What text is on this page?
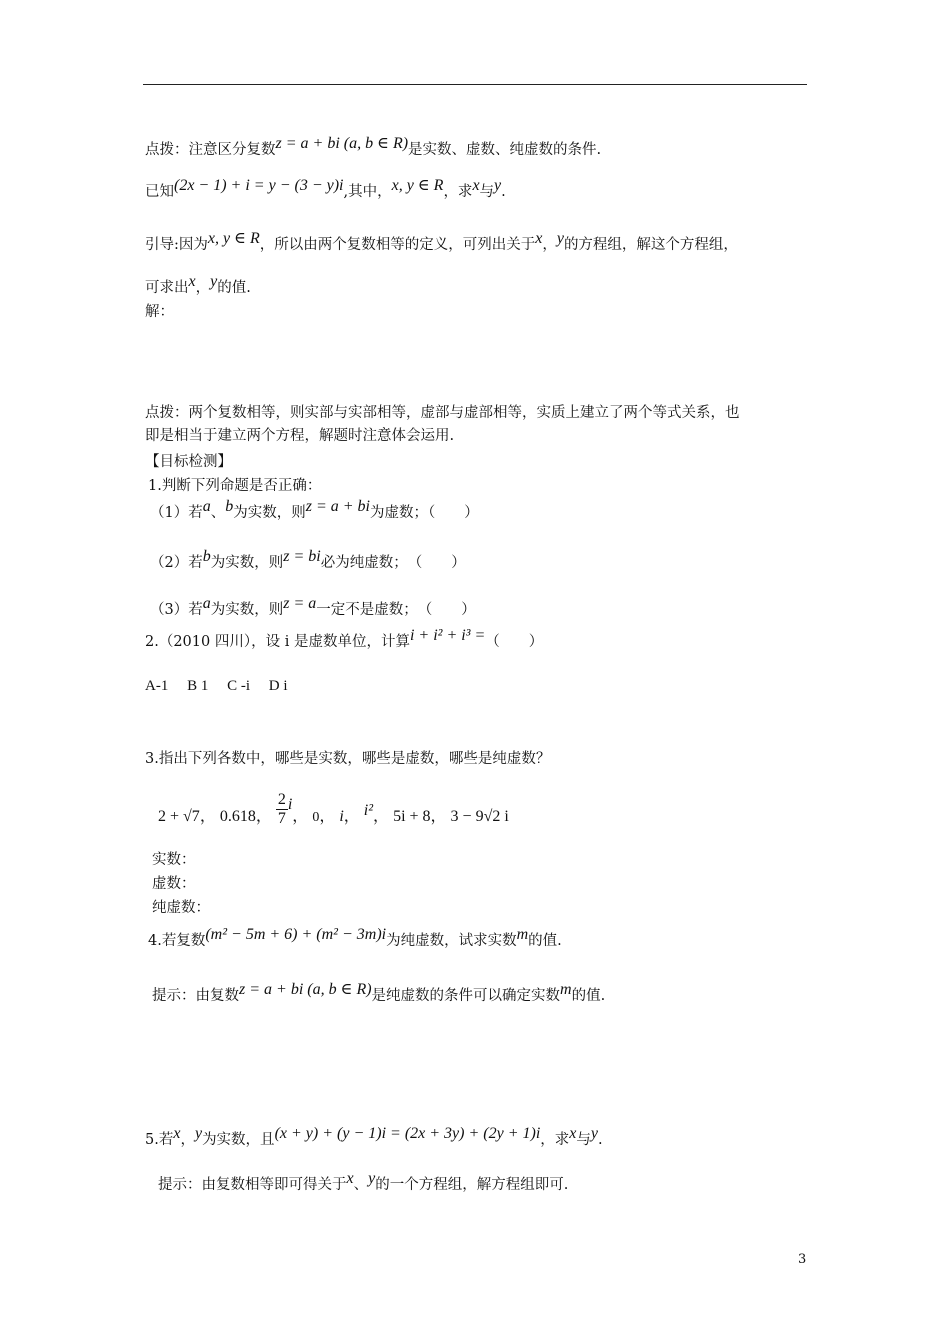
点拨：注意区分复数z = a + bi (a, b ∈ R)是实数、虚数、纯虚数的条件.
已知(2x − 1) + i = y − (3 − y)i,其中，x, y ∈ R，求x与y.
引导:因为x, y ∈ R，所以由两个复数相等的定义，可列出关于x，y的方程组，解这个方程组，
可求出x，y的值.
解：
点拨：两个复数相等，则实部与实部相等，虚部与虚部相等，实质上建立了两个等式关系，也
即是相当于建立两个方程，解题时注意体会运用.
【目标检测】
1.判断下列命题是否正确：
（1）若a、b为实数，则z = a + bi为虚数；（　　）
（2）若b为实数，则z = bi必为纯虚数；　（　　）
（3）若a为实数，则z = a一定不是虚数；　（　　）
2.（2010 四川），设 i 是虚数单位，计算i + i² + i³ =（　　）
A-1　 B 1　 C -i　 D i
3.指出下列各数中，哪些是实数，哪些是虚数，哪些是纯虚数？
2 + √7， 0.618， $\frac{2}{7}$ i， 0， i， i²， 5i + 8， 3 − 9√2 i
实数：
虚数：
纯虚数：
4.若复数(m² − 5m + 6) + (m² − 3m)i为纯虚数，试求实数m的值.
提示：由复数z = a + bi (a, b ∈ R)是纯虚数的条件可以确定实数m的值.
5.若x，y为实数，且(x + y) + (y − 1)i = (2x + 3y) + (2y + 1)i，求x与y.
提示：由复数相等即可得关于x、y的一个方程组，解方程组即可.
3
